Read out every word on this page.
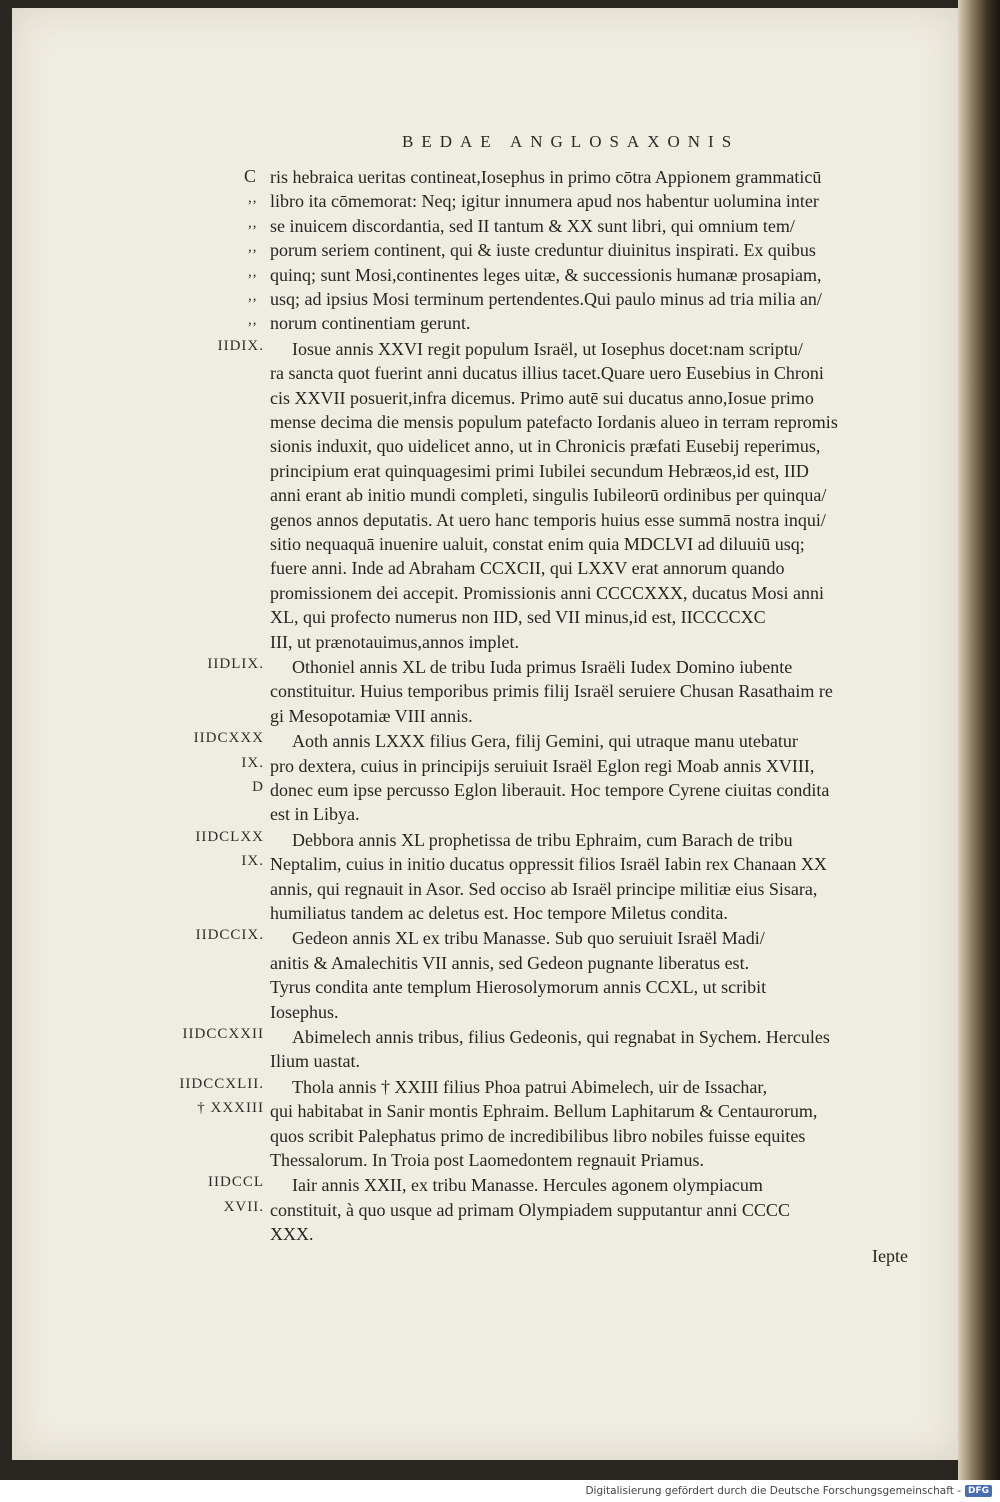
BEDAE ANGLOSAXONIS
C ris hebraica ueritas contineat,Iosephus in primo cōtra Appionem grammaticū
,, libro ita cōmemorat: Neq; igitur innumera apud nos habentur uolumina inter
,, se inuicem discordantia, sed II tantum & XX sunt libri, qui omnium tem/
,, porum seriem continent, qui & iuste creduntur diuinitus inspirati. Ex quibus
,, quinq; sunt Mosi,continentes leges uitæ, & successionis humanæ prosapiam,
,, usq; ad ipsius Mosi terminum pertendentes.Qui paulo minus ad tria milia an/
,, norum continentiam gerunt.
IIDIX. Iosue annis XXVI regit populum Israël, ut Iosephus docet:nam scriptu/
ra sancta quot fuerint anni ducatus illius tacet.Quare uero Eusebius in Chroni
cis XXVII posuerit,infra dicemus. Primo autē sui ducatus anno,Iosue primo
mense decima die mensis populum patefacto Iordanis alueo in terram repromis
sionis induxit, quo uidelicet anno, ut in Chronicis præfati Eusebij reperimus,
principium erat quinquagesimi primi Iubilei secundum Hebræos,id est, IID
anni erant ab initio mundi completi, singulis Iubileorū ordinibus per quinqua/
genos annos deputatis. At uero hanc temporis huius esse summā nostra inqui/
sitio nequaquā inuenire ualuit, constat enim quia MDCLVI ad diluuiū usq;
fuere anni. Inde ad Abraham CCXCII, qui LXXV erat annorum quando
promissionem dei accepit. Promissionis anni CCCCXXX, ducatus Mosi anni
XL, qui profecto numerus non IID, sed VII minus,id est, IICCCCXC
III, ut prænotauimus,annos implet.
IIDLIX. Othoniel annis XL de tribu Iuda primus Israëli Iudex Domino iubente
constituitur. Huius temporibus primis filij Israël seruiere Chusan Rasathaim re
gi Mesopotamiæ VIII annis.
IIDCXXX Aoth annis LXXX filius Gera, filij Gemini, qui utraque manu utebatur
IX. pro dextera, cuius in principijs seruiuit Israël Eglon regi Moab annis XVIII,
D donec eum ipse percusso Eglon liberauit. Hoc tempore Cyrene ciuitas condita
est in Libya.
IIDCLXX Debbora annis XL prophetissa de tribu Ephraim, cum Barach de tribu
IX. Neptalim, cuius in initio ducatus oppressit filios Israël Iabin rex Chanaan XX
annis, qui regnauit in Asor. Sed occiso ab Israël principe militiæ eius Sisara,
humiliatus tandem ac deletus est. Hoc tempore Miletus condita.
IIDCCIX. Gedeon annis XL ex tribu Manasse. Sub quo seruiuit Israël Madi/
anitis & Amalechitis VII annis, sed Gedeon pugnante liberatus est.
Tyrus condita ante templum Hierosolymorum annis CCXL, ut scribit
Iosephus.
IIDCCXXII Abimelech annis tribus, filius Gedeonis, qui regnabat in Sychem. Hercules
Ilium uastat.
IIDCCXLII. Thola annis † XXIII filius Phoa patrui Abimelech, uir de Issachar,
† XXXIII qui habitabat in Sanir montis Ephraim. Bellum Laphitarum & Centaurorum,
quos scribit Palephatus primo de incredibilibus libro nobiles fuisse equites
Thessalorum. In Troia post Laomedontem regnauit Priamus.
IIDCCL Iair annis XXII, ex tribu Manasse. Hercules agonem olympiacum
XVII. constituit, à quo usque ad primam Olympiadem supputantur anni CCCC
XXX.
Iepte
Digitalisierung gefördert durch die Deutsche Forschungsgemeinschaft - DFG
